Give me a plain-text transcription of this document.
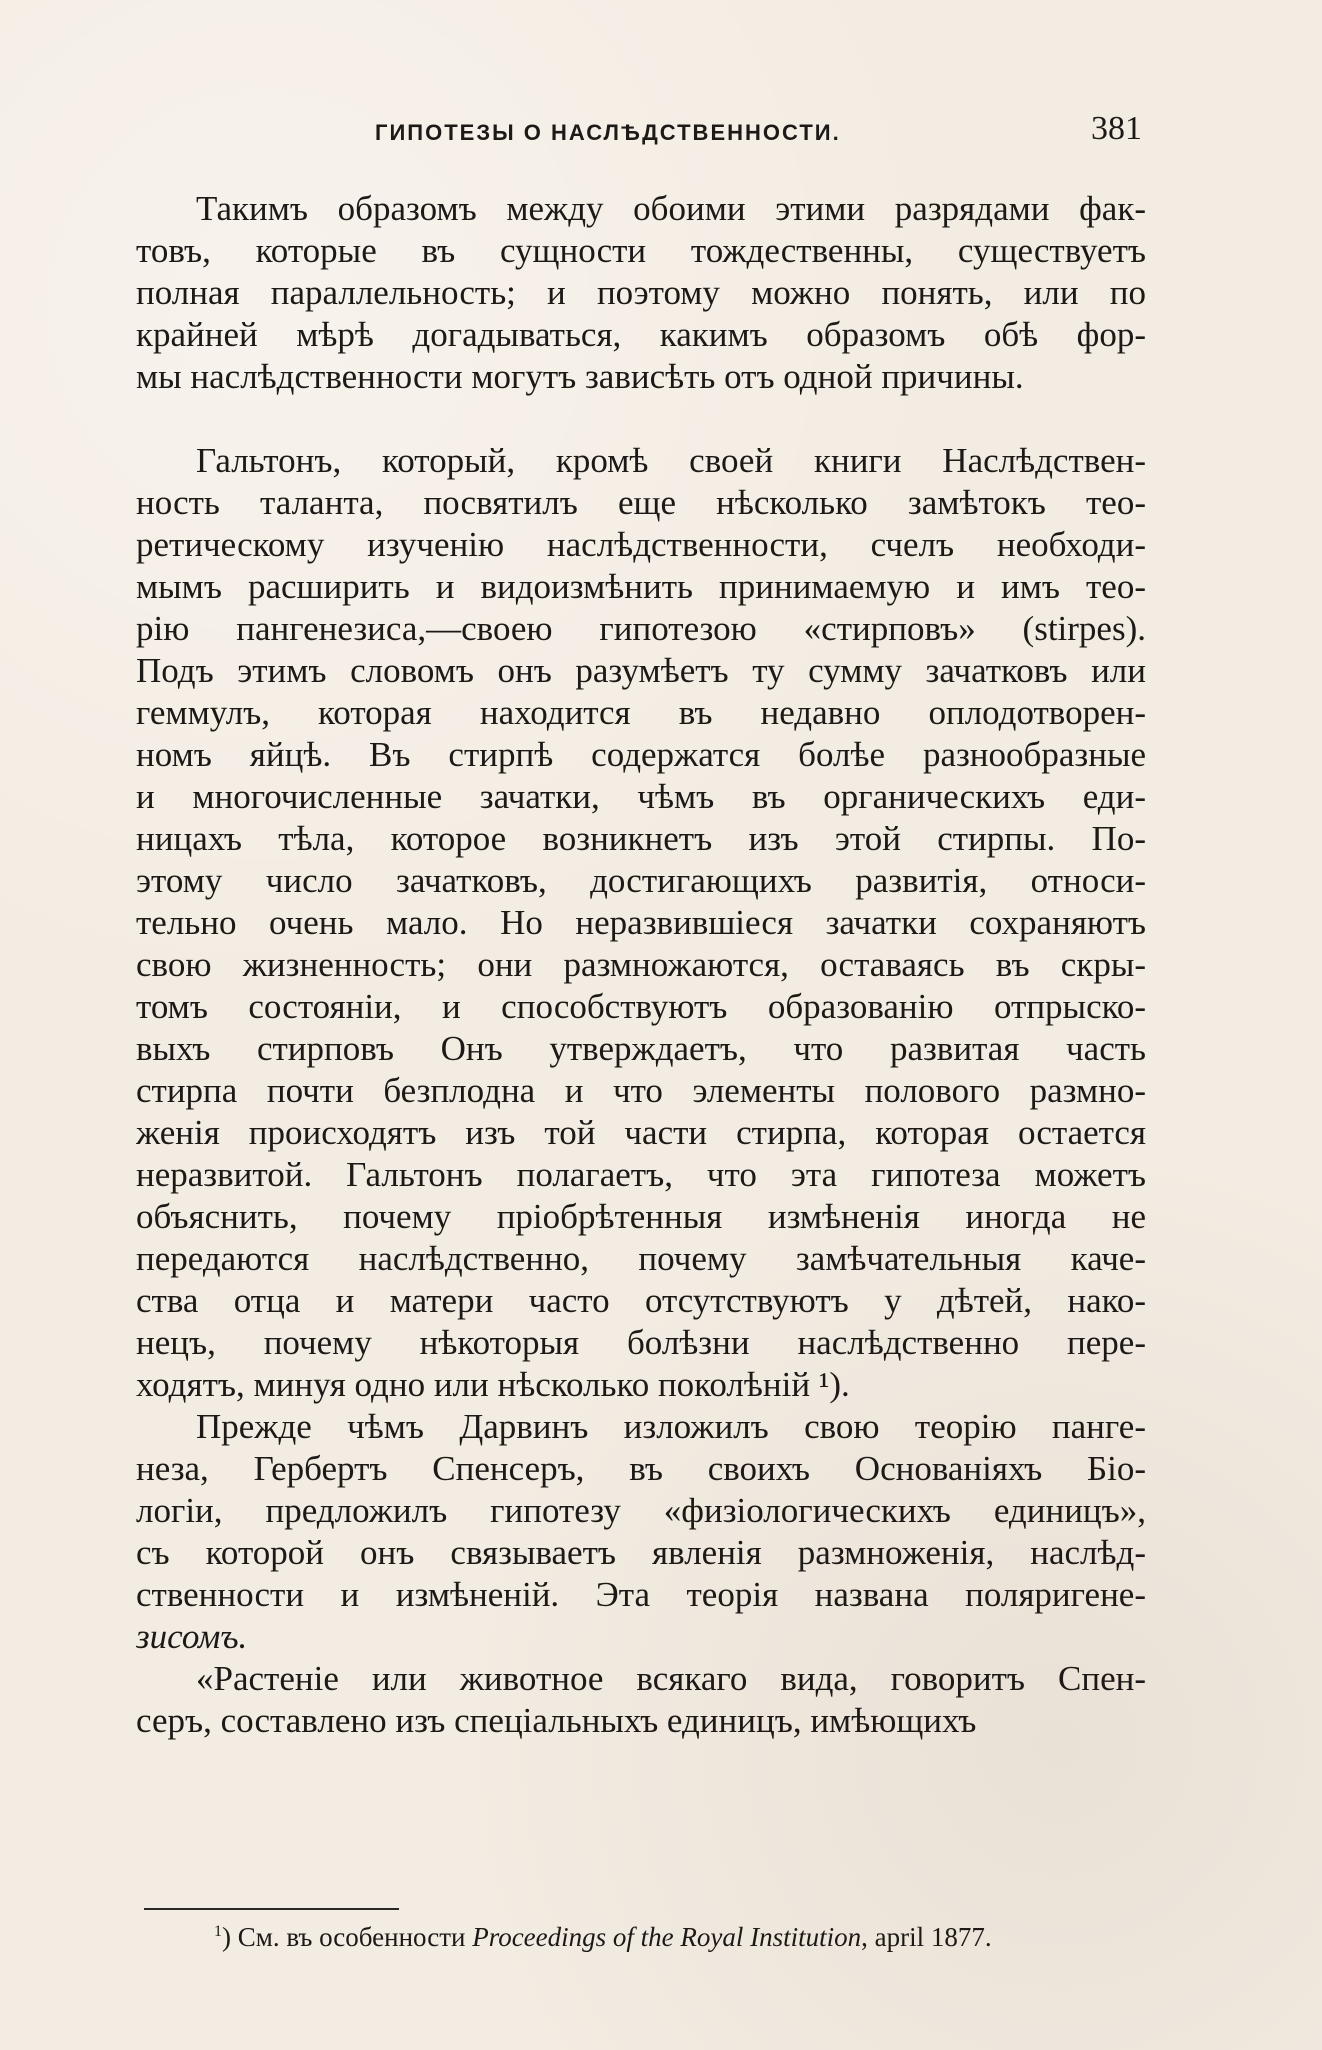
ГИПОТЕЗЫ О НАСЛѢДСТВЕННОСТИ.	381
Такимъ образомъ между обоими этими разрядами фак-
товъ, которые въ сущности тождественны, существуетъ
полная параллельность; и поэтому можно понять, или по
крайней мѣрѣ догадываться, какимъ образомъ обѣ фор-
мы наслѣдственности могутъ зависѣть отъ одной причины.
Гальтонъ, который, кромѣ своей книги Наслѣдствен-
ность таланта, посвятилъ еще нѣсколько замѣтокъ тео-
ретическому изученію наслѣдственности, счелъ необходи-
мымъ расширить и видоизмѣнить принимаемую и имъ тео-
рію пангенезиса,—своею гипотезою «стирповъ» (stirpes).
Подъ этимъ словомъ онъ разумѣетъ ту сумму зачатковъ или
геммулъ, которая находится въ недавно оплодотворен-
номъ яйцѣ. Въ стирпѣ содержатся болѣе разнообразные
и многочисленные зачатки, чѣмъ въ органическихъ еди-
ницахъ тѣла, которое возникнетъ изъ этой стирпы. По-
этому число зачатковъ, достигающихъ развитія, относи-
тельно очень мало. Но неразвившіеся зачатки сохраняютъ
свою жизненность; они размножаются, оставаясь въ скры-
томъ состояніи, и способствуютъ образованію отпрыско-
выхъ стирповъ Онъ утверждаетъ, что развитая часть
стирпа почти безплодна и что элементы полового размно-
женія происходятъ изъ той части стирпа, которая остается
неразвитой. Гальтонъ полагаетъ, что эта гипотеза можетъ
объяснить, почему пріобрѣтенныя измѣненія иногда не
передаются наслѣдственно, почему замѣчательныя каче-
ства отца и матери часто отсутствуютъ у дѣтей, нако-
нецъ, почему нѣкоторыя болѣзни наслѣдственно пере-
ходятъ, минуя одно или нѣсколько поколѣній ¹).
Прежде чѣмъ Дарвинъ изложилъ свою теорію панге-
неза, Гербертъ Спенсеръ, въ своихъ Основаніяхъ Біо-
логіи, предложилъ гипотезу «физіологическихъ единицъ»,
съ которой онъ связываетъ явленія размноженія, наслѣд-
ственности и измѣненій. Эта теорія названа поляригене-
зисомъ.
«Растеніе или животное всякаго вида, говоритъ Спен-
серъ, составлено изъ спеціальныхъ единицъ, имѣющихъ
$^1$) См. въ особенности Proceedings of the Royal Institution, april 1877.
